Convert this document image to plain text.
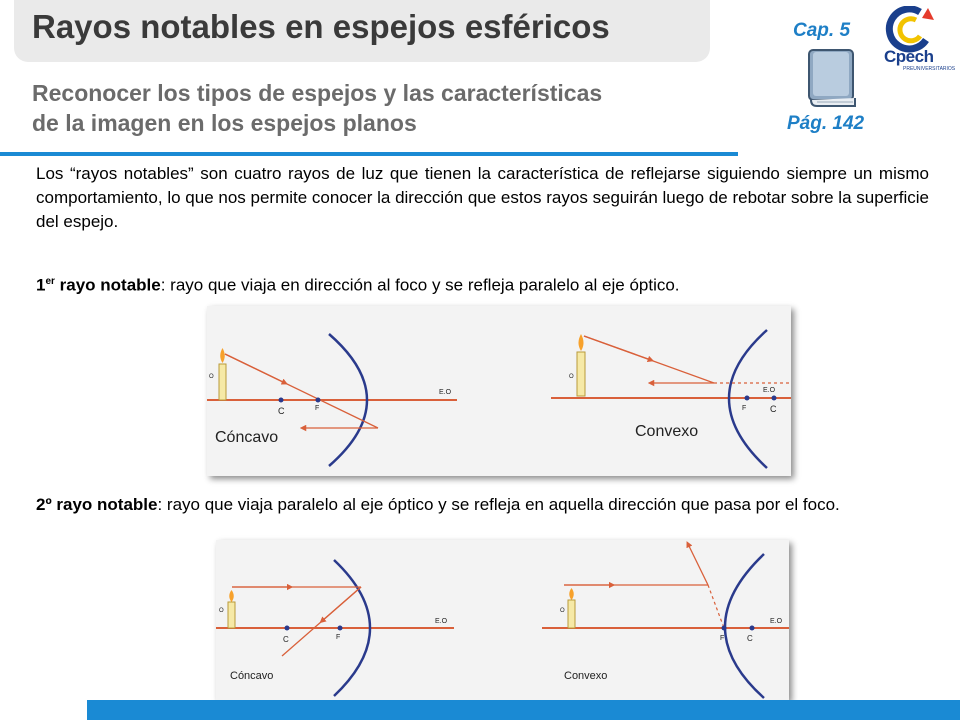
Rayos notables en espejos esféricos
Reconocer los tipos de espejos y las características
de la imagen en los espejos planos
Cap. 5
Pág. 142
Cpech
PREUNIVERSITARIOS

Los “rayos notables” son cuatro rayos de luz que tienen la característica de reflejarse siguiendo siempre un mismo comportamiento, lo que nos permite conocer la dirección que estos rayos seguirán luego de rebotar sobre la superficie del espejo.

1er rayo notable: rayo que viaja en dirección al foco y se refleja paralelo al eje óptico.

O
C	F
E.O
Cóncavo
O
F	C
E.O
Convexo

2º rayo notable: rayo que viaja paralelo al eje óptico y se refleja en aquella dirección que pasa por el foco.

O
C	F
E.O
Cóncavo
O
F	C
E.O
Convexo
